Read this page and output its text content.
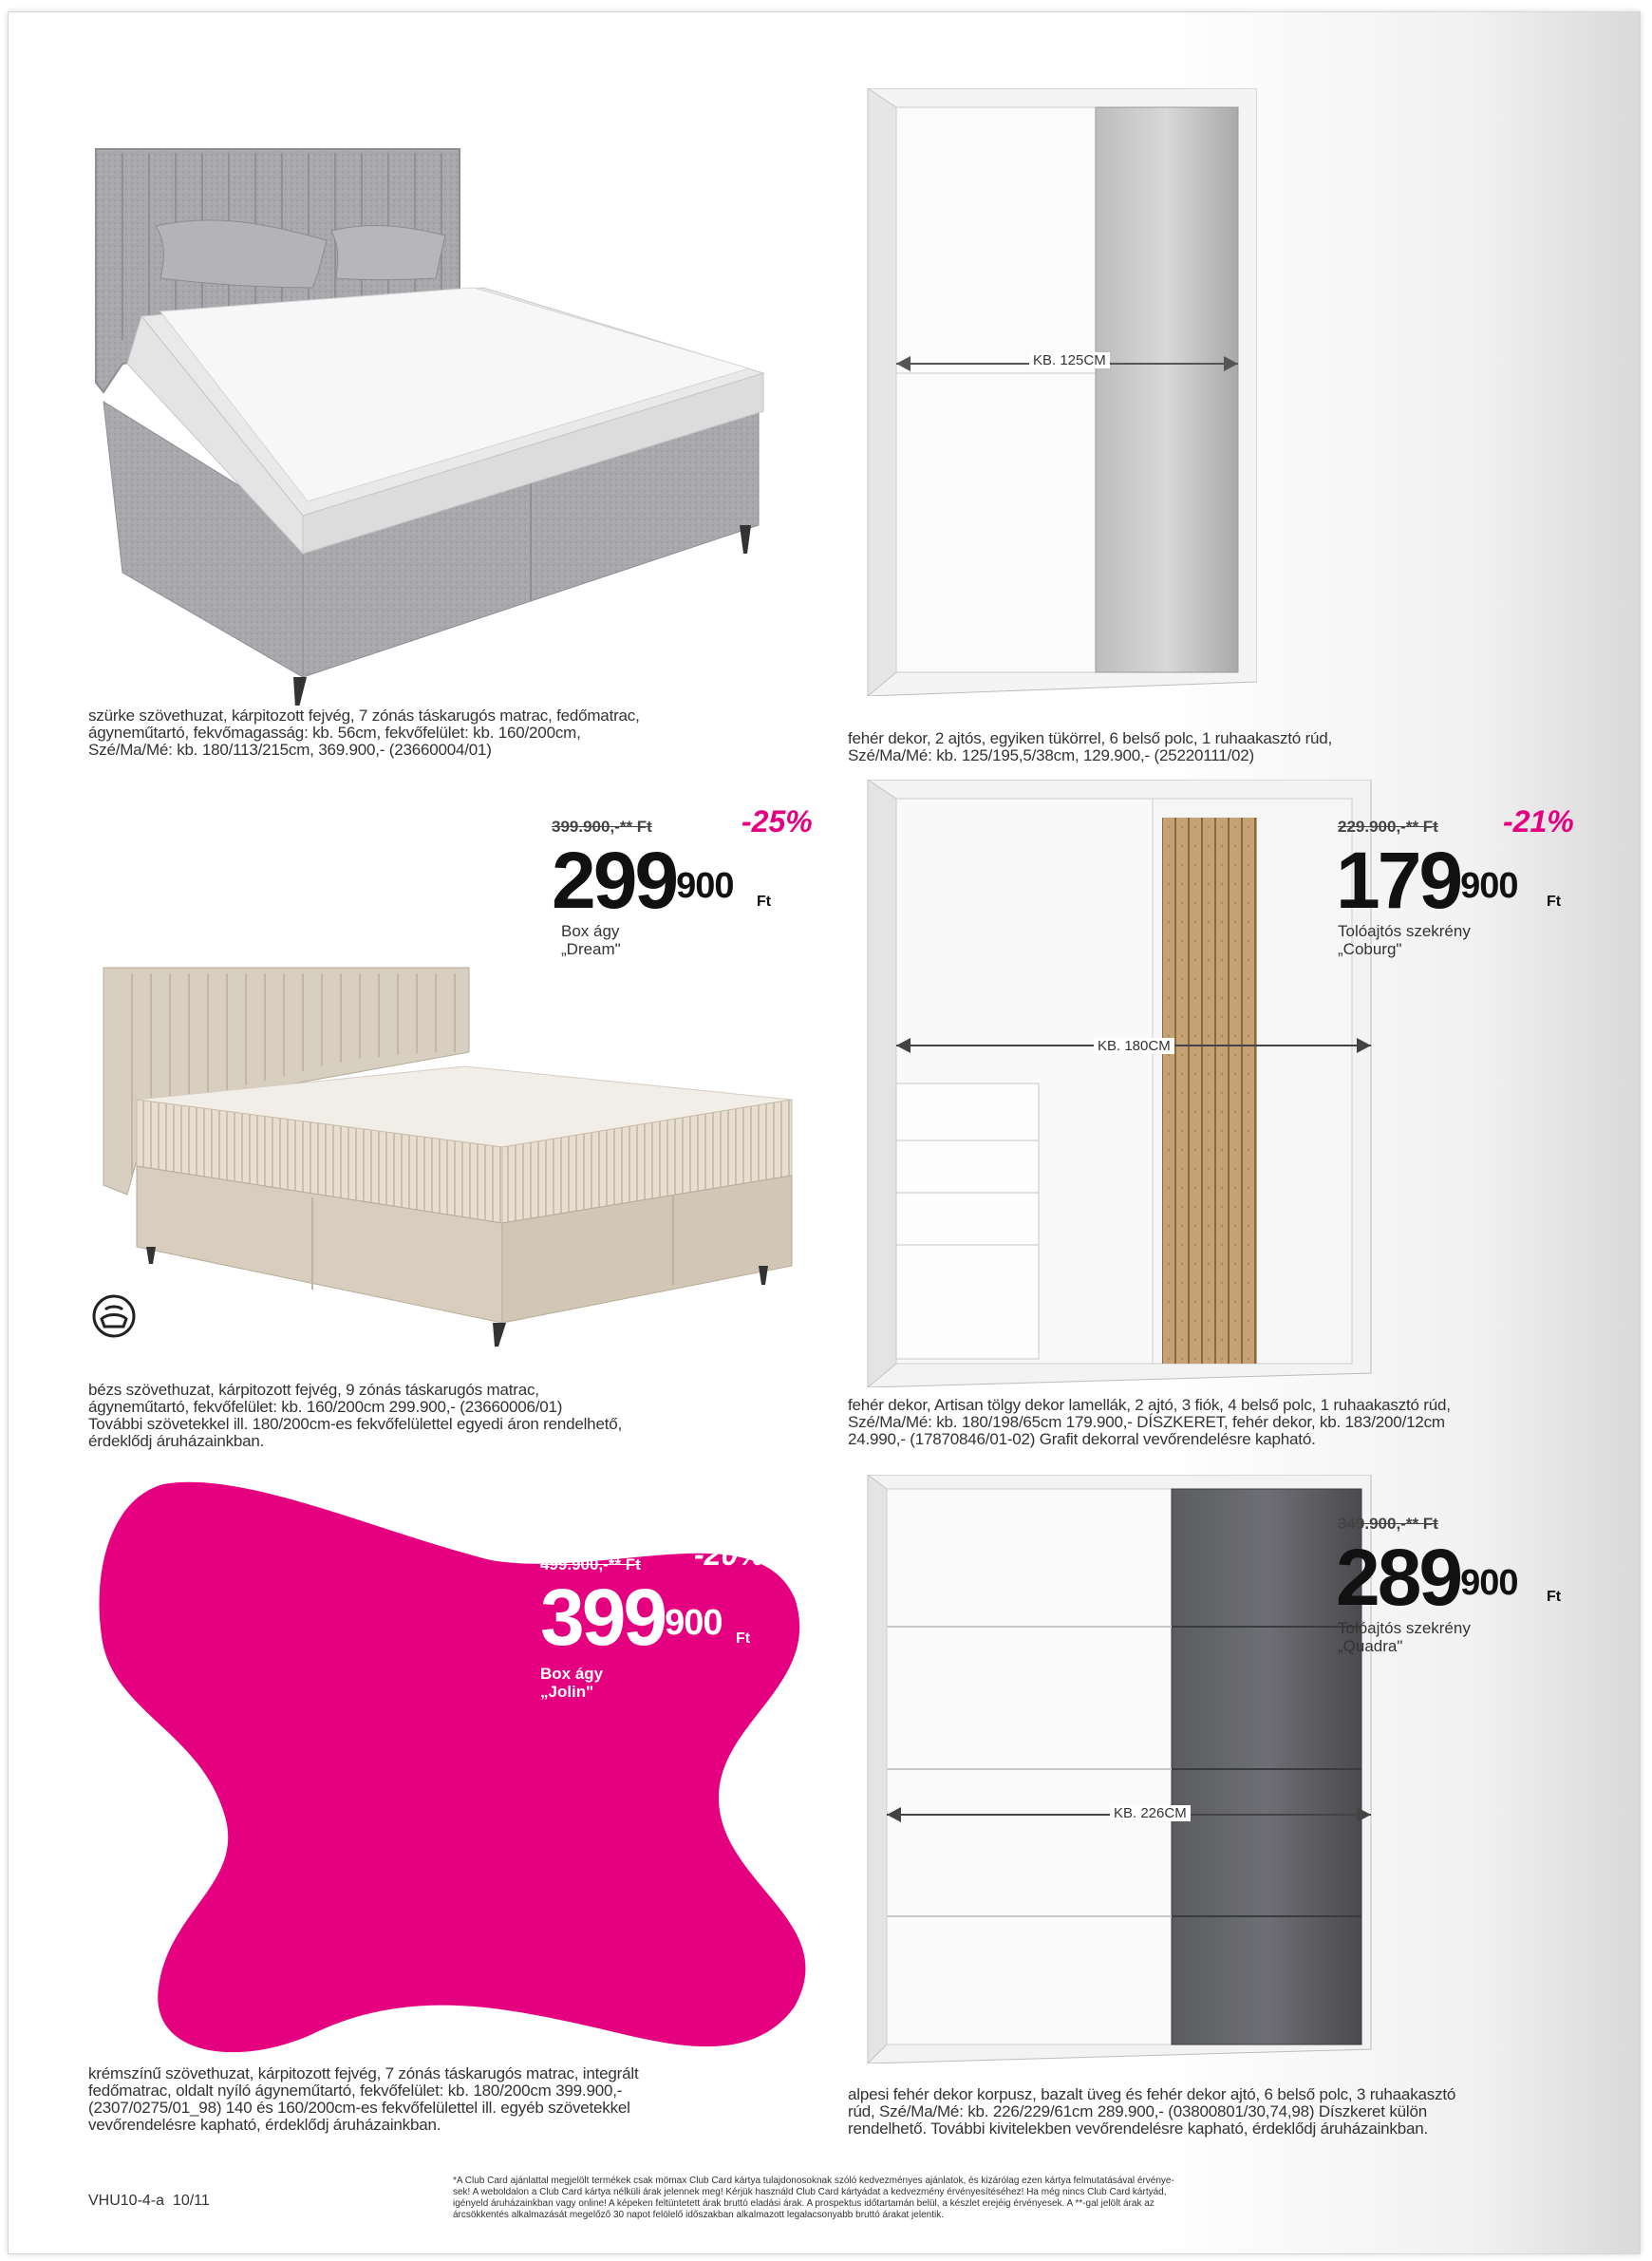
szürke szövethuzat, kárpitozott fejvég, 7 zónás táskarugós matrac, fedőmatrac,
ágyneműtartó, fekvőmagasság: kb. 56cm, fekvőfelület: kb. 160/200cm,
Szé/Ma/Mé: kb. 180/113/215cm, 369.900,- (23660004/01)
KB. 125CM
fehér dekor, 2 ajtós, egyiken tükörrel, 6 belső polc, 1 ruhaakasztó rúd,
Szé/Ma/Mé: kb. 125/195,5/38cm, 129.900,- (25220111/02)
399.900,-** Ft	-25%
$299^{900}$ Ft
Box ágy
„Dream"
KB. 180CM
229.900,-** Ft -21%
$179^{900}$ Ft
Tolóajtós szekrény
„Coburg"
fehér dekor, Artisan tölgy dekor lamellák, 2 ajtó, 3 fiók, 4 belső polc, 1 ruhaakasztó rúd,
Szé/Ma/Mé: kb. 180/198/65cm 179.900,- DÍSZKERET, fehér dekor, kb. 183/200/12cm
24.990,- (17870846/01-02) Grafit dekorral vevőrendelésre kapható.
bézs szövethuzat, kárpitozott fejvég, 9 zónás táskarugós matrac,
ágyneműtartó, fekvőfelület: kb. 160/200cm 299.900,- (23660006/01)
További szövetekkel ill. 180/200cm-es fekvőfelülettel egyedi áron rendelhető,
érdeklődj áruházainkban.
499.900,-** Ft -20%
$399^{900}$ Ft
Box ágy
„Jolin"
krémszínű szövethuzat, kárpitozott fejvég, 7 zónás táskarugós matrac, integrált
fedőmatrac, oldalt nyíló ágyneműtartó, fekvőfelület: kb. 180/200cm 399.900,-
(2307/0275/01_98) 140 és 160/200cm-es fekvőfelülettel ill. egyéb szövetekkel
vevőrendelésre kapható, érdeklődj áruházainkban.
KB. 226CM
349.900,-** Ft
$289^{900}$ Ft
Tolóajtós szekrény
„Quadra"
alpesi fehér dekor korpusz, bazalt üveg és fehér dekor ajtó, 6 belső polc, 3 ruhaakasztó
rúd, Szé/Ma/Mé: kb. 226/229/61cm 289.900,- (03800801/30,74,98) Díszkeret külön
rendelhető. További kivitelekben vevőrendelésre kapható, érdeklődj áruházainkban.
VHU10-4-a  10/11
*A Club Card ajánlattal megjelölt termékek csak mömax Club Card kártya tulajdonosoknak szóló kedvezményes ajánlatok, és kizárólag ezen kártya felmutatásával érvénye-
sek! A weboldalon a Club Card kártya nélküli árak jelennek meg! Kérjük használd Club Card kártyádat a kedvezmény érvényesítéséhez! Ha még nincs Club Card kártyád,
igényeld áruházainkban vagy online! A képeken feltüntetett árak bruttó eladási árak. A prospektus időtartamán belül, a készlet erejéig érvényesek. A **-gal jelölt árak az
árcsökkentés alkalmazását megelőző 30 napot felölelő időszakban alkalmazott legalacsonyabb bruttó árakat jelentik.
